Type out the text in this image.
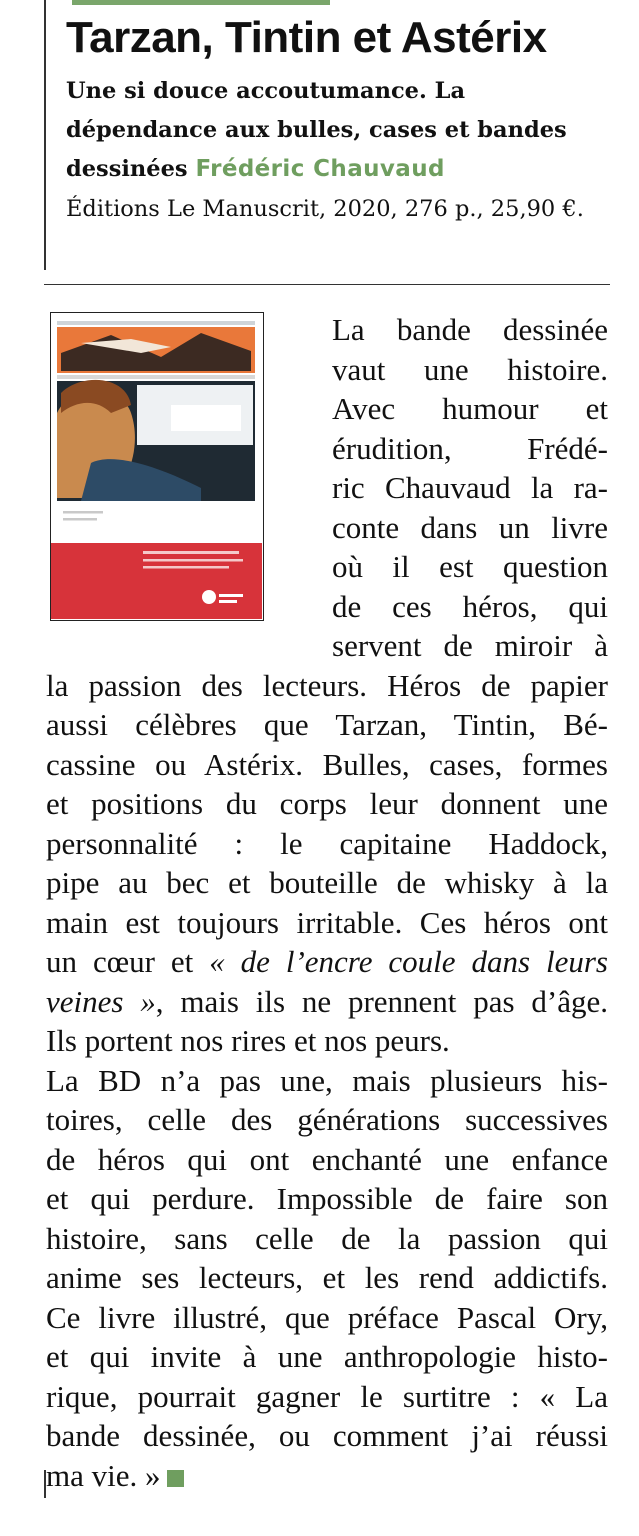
Tarzan, Tintin et Astérix
Une si douce accoutumance. La dépendance aux bulles, cases et bandes dessinées Frédéric Chauvaud
Éditions Le Manuscrit, 2020, 276 p., 25,90 €.
La bande dessinée
vaut une histoire.
Avec humour et
érudition, Frédé-
ric Chauvaud la ra-
conte dans un livre
où il est question
de ces héros, qui
servent de miroir à
la passion des lecteurs. Héros de papier
aussi célèbres que Tarzan, Tintin, Bé-
cassine ou Astérix. Bulles, cases, formes
et positions du corps leur donnent une
personnalité : le capitaine Haddock,
pipe au bec et bouteille de whisky à la
main est toujours irritable. Ces héros ont
un cœur et « de l’encre coule dans leurs
veines », mais ils ne prennent pas d’âge.
Ils portent nos rires et nos peurs.
La BD n’a pas une, mais plusieurs his-
toires, celle des générations successives
de héros qui ont enchanté une enfance
et qui perdure. Impossible de faire son
histoire, sans celle de la passion qui
anime ses lecteurs, et les rend addictifs.
Ce livre illustré, que préface Pascal Ory,
et qui invite à une anthropologie histo-
rique, pourrait gagner le surtitre : « La
bande dessinée, ou comment j’ai réussi
ma vie. »
